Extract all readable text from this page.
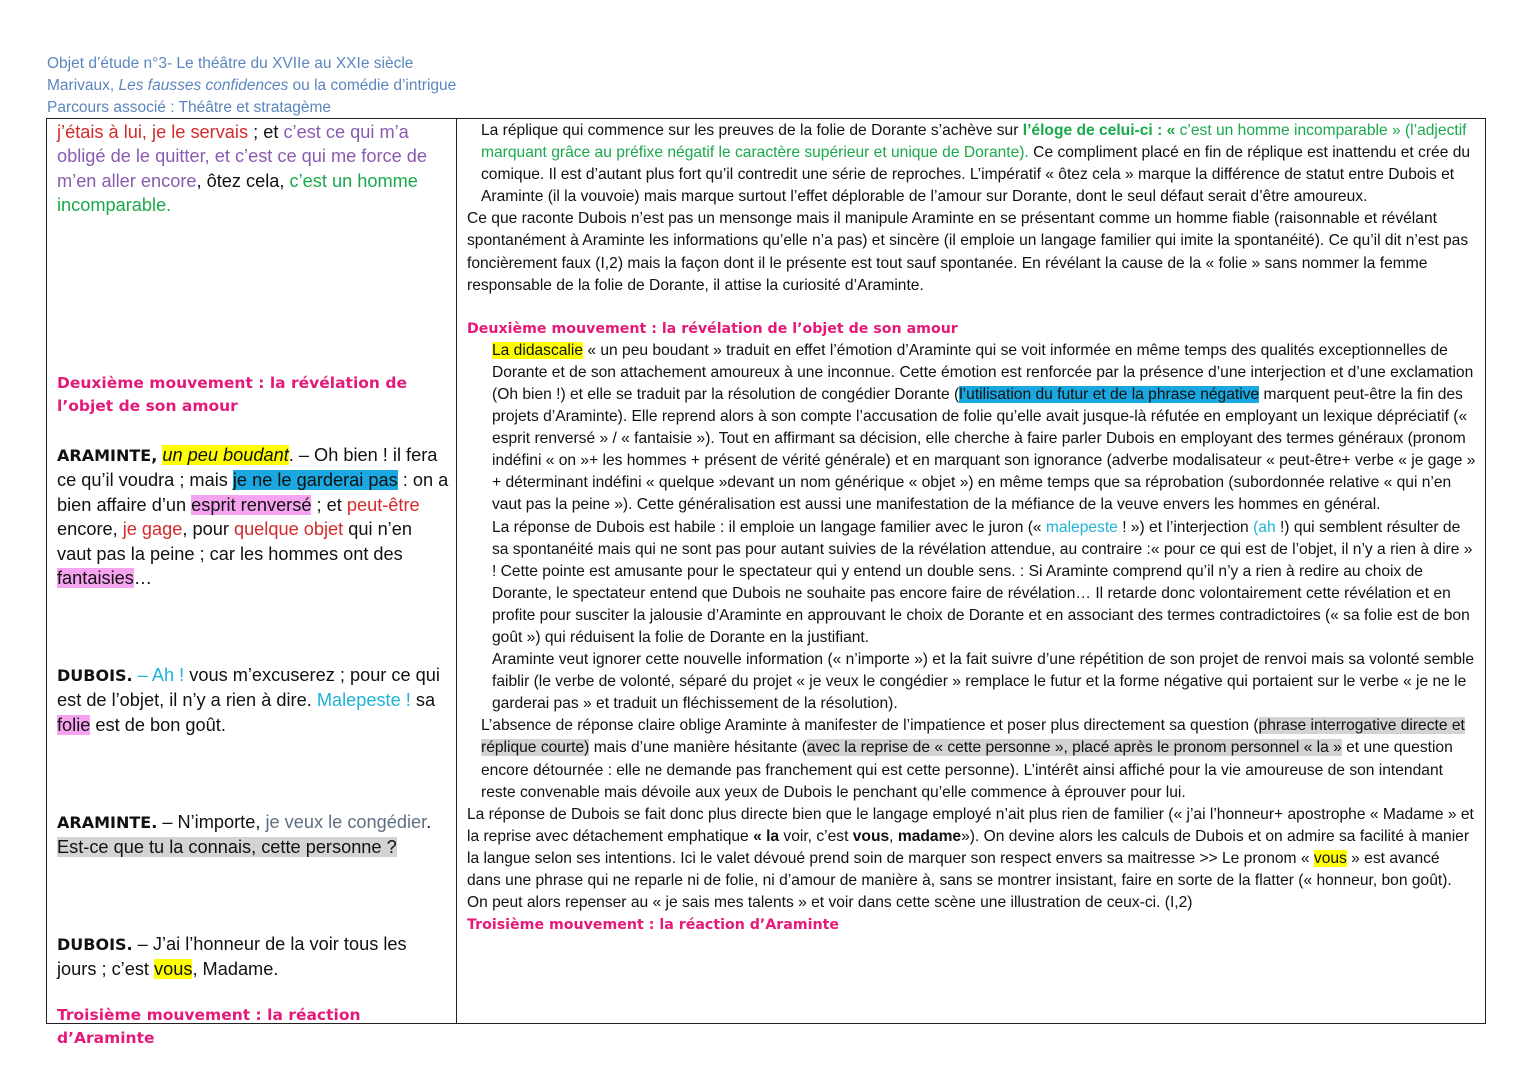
Objet d’étude n°3- Le théâtre du XVIIe au XXIe siècle
Marivaux, Les fausses confidences ou la comédie d’intrigue
Parcours associé : Théâtre et stratagème
j’étais à lui, je le servais ; et c’est ce qui m’a obligé de le quitter, et c’est ce qui me force de m’en aller encore, ôtez cela, c’est un homme incomparable.
Deuxième mouvement : la révélation de l’objet de son amour
ARAMINTE, un peu boudant. – Oh bien ! il fera ce qu’il voudra ; mais je ne le garderai pas : on a bien affaire d’un esprit renversé ; et peut-être encore, je gage, pour quelque objet qui n’en vaut pas la peine ; car les hommes ont des fantaisies…
DUBOIS. – Ah ! vous m’excuserez ; pour ce qui est de l’objet, il n’y a rien à dire. Malepeste ! sa folie est de bon goût.
ARAMINTE. – N’importe, je veux le congédier. Est-ce que tu la connais, cette personne ?
DUBOIS. – J’ai l’honneur de la voir tous les jours ; c’est vous, Madame.
Troisième mouvement : la réaction d’Araminte

La réplique qui commence sur les preuves de la folie de Dorante s’achève sur l’éloge de celui-ci : « c’est un homme incomparable » (l’adjectif marquant grâce au préfixe négatif le caractère supérieur et unique de Dorante). Ce compliment placé en fin de réplique est inattendu et crée du comique. Il est d’autant plus fort qu’il contredit une série de reproches. L’impératif « ôtez cela » marque la différence de statut entre Dubois et Araminte (il la vouvoie) mais marque surtout l’effet déplorable de l’amour sur Dorante, dont le seul défaut serait d’être amoureux.

Ce que raconte Dubois n’est pas un mensonge mais il manipule Araminte en se présentant comme un homme fiable (raisonnable et révélant spontanément à Araminte les informations qu’elle n’a pas) et sincère (il emploie un langage familier qui imite la spontanéité). Ce qu’il dit n’est pas foncièrement faux (I,2) mais la façon dont il le présente est tout sauf spontanée. En révélant la cause de la « folie » sans nommer la femme responsable de la folie de Dorante, il attise la curiosité d’Araminte.

Deuxième mouvement : la révélation de l’objet de son amour

La didascalie « un peu boudant » traduit en effet l’émotion d’Araminte qui se voit informée en même temps des qualités exceptionnelles de Dorante et de son attachement amoureux à une inconnue. Cette émotion est renforcée par la présence d’une interjection et d’une exclamation (Oh bien !) et elle se traduit par la résolution de congédier Dorante (l’utilisation du futur et de la phrase négative marquent peut-être la fin des projets d’Araminte). Elle reprend alors à son compte l’accusation de folie qu’elle avait jusque-là réfutée en employant un lexique dépréciatif (« esprit renversé » / « fantaisie »). Tout en affirmant sa décision, elle cherche à faire parler Dubois en employant des termes généraux (pronom indéfini « on »+ les hommes + présent de vérité générale) et en marquant son ignorance (adverbe modalisateur « peut-être+ verbe « je gage » + déterminant indéfini « quelque »devant un nom générique « objet ») en même temps que sa réprobation (subordonnée relative « qui n’en vaut pas la peine »). Cette généralisation est aussi une manifestation de la méfiance de la veuve envers les hommes en général.

La réponse de Dubois est habile : il emploie un langage familier avec le juron (« malepeste ! ») et l’interjection (ah !) qui semblent résulter de sa spontanéité mais qui ne sont pas pour autant suivies de la révélation attendue, au contraire :« pour ce qui est de l’objet, il n’y a rien à dire » ! Cette pointe est amusante pour le spectateur qui y entend un double sens. : Si Araminte comprend qu’il n’y a rien à redire au choix de Dorante, le spectateur entend que Dubois ne souhaite pas encore faire de révélation… Il retarde donc volontairement cette révélation et en profite pour susciter la jalousie d’Araminte en approuvant le choix de Dorante et en associant des termes contradictoires (« sa folie est de bon goût ») qui réduisent la folie de Dorante en la justifiant.

Araminte veut ignorer cette nouvelle information (« n’importe ») et la fait suivre d’une répétition de son projet de renvoi mais sa volonté semble faiblir (le verbe de volonté, séparé du projet « je veux le congédier » remplace le futur et la forme négative qui portaient sur le verbe « je ne le garderai pas » et traduit un fléchissement de la résolution).

L’absence de réponse claire oblige Araminte à manifester de l’impatience et poser plus directement sa question (phrase interrogative directe et réplique courte) mais d’une manière hésitante (avec la reprise de « cette personne », placé après le pronom personnel « la » et une question encore détournée : elle ne demande pas franchement qui est cette personne). L’intérêt ainsi affiché pour la vie amoureuse de son intendant reste convenable mais dévoile aux yeux de Dubois le penchant qu’elle commence à éprouver pour lui.

La réponse de Dubois se fait donc plus directe bien que le langage employé n’ait plus rien de familier (« j’ai l’honneur+ apostrophe « Madame » et la reprise avec détachement emphatique « la voir, c’est vous, madame»). On devine alors les calculs de Dubois et on admire sa facilité à manier la langue selon ses intentions. Ici le valet dévoué prend soin de marquer son respect envers sa maitresse >> Le pronom « vous » est avancé dans une phrase qui ne reparle ni de folie, ni d’amour de manière à, sans se montrer insistant, faire en sorte de la flatter (« honneur, bon goût).

On peut alors repenser au « je sais mes talents » et voir dans cette scène une illustration de ceux-ci. (I,2)

Troisième mouvement : la réaction d’Araminte
